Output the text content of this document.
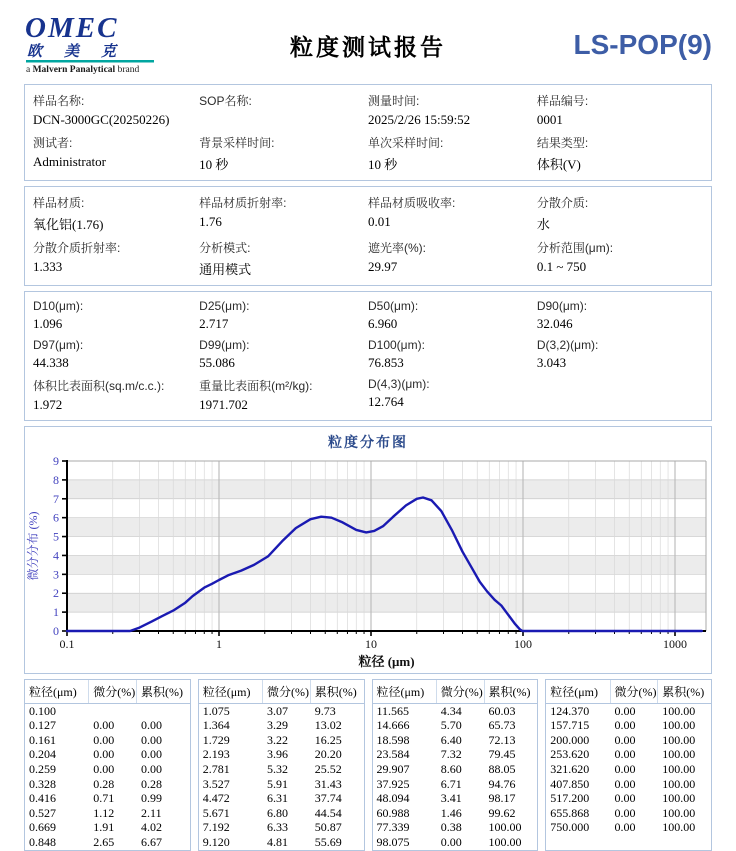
OMEC
欧美克
a Malvern Panalytical brand
粒度测试报告	LS-POP(9)
样品名称:
DCN-3000GC(20250226)
SOP名称:	测量时间:
2025/2/26 15:59:52
样品编号:
0001
测试者:
Administrator
背景采样时间:
10 秒
单次采样时间:
10 秒
结果类型:
体积(V)
样品材质:
氧化铝(1.76)
样品材质折射率:
1.76
样品材质吸收率:
0.01
分散介质:
水
分散介质折射率:
1.333
分析模式:
通用模式
遮光率(%):
29.97
分析范围(μm):
0.1 ~ 750
D10(μm):
1.096
D25(μm):
2.717
D50(μm):
6.960
D90(μm):
32.046
D97(μm):
44.338
D99(μm):
55.086
D100(μm):
76.853
D(3,2)(μm):
3.043
体积比表面积(sq.m/c.c.):
1.972
重量比表面积(m²/kg):
1971.702
D(4,3)(μm):
12.764
粒度分布图
0
1
2
3
4
5
6
7
8
9
0.1	1	10	100	1000
粒径 (μm)
微分分布 (%)
粒径(μm)	微分(%) 累积(%)
0.100
0.127	0.00	0.00
0.161	0.00	0.00
0.204	0.00	0.00
0.259	0.00	0.00
0.328	0.28	0.28
0.416	0.71	0.99
0.527	1.12	2.11
0.669	1.91	4.02
0.848	2.65	6.67
粒径(μm)	微分(%) 累积(%)
1.075	3.07	9.73
1.364	3.29	13.02
1.729	3.22	16.25
2.193	3.96	20.20
2.781	5.32	25.52
3.527	5.91	31.43
4.472	6.31	37.74
5.671	6.80	44.54
7.192	6.33	50.87
9.120	4.81	55.69
粒径(μm)	微分(%) 累积(%)
11.565	4.34	60.03
14.666	5.70	65.73
18.598	6.40	72.13
23.584	7.32	79.45
29.907	8.60	88.05
37.925	6.71	94.76
48.094	3.41	98.17
60.988	1.46	99.62
77.339	0.38	100.00
98.075	0.00	100.00
粒径(μm)	微分(%) 累积(%)
124.370	0.00	100.00
157.715	0.00	100.00
200.000	0.00	100.00
253.620	0.00	100.00
321.620	0.00	100.00
407.850	0.00	100.00
517.200	0.00	100.00
655.868	0.00	100.00
750.000	0.00	100.00
